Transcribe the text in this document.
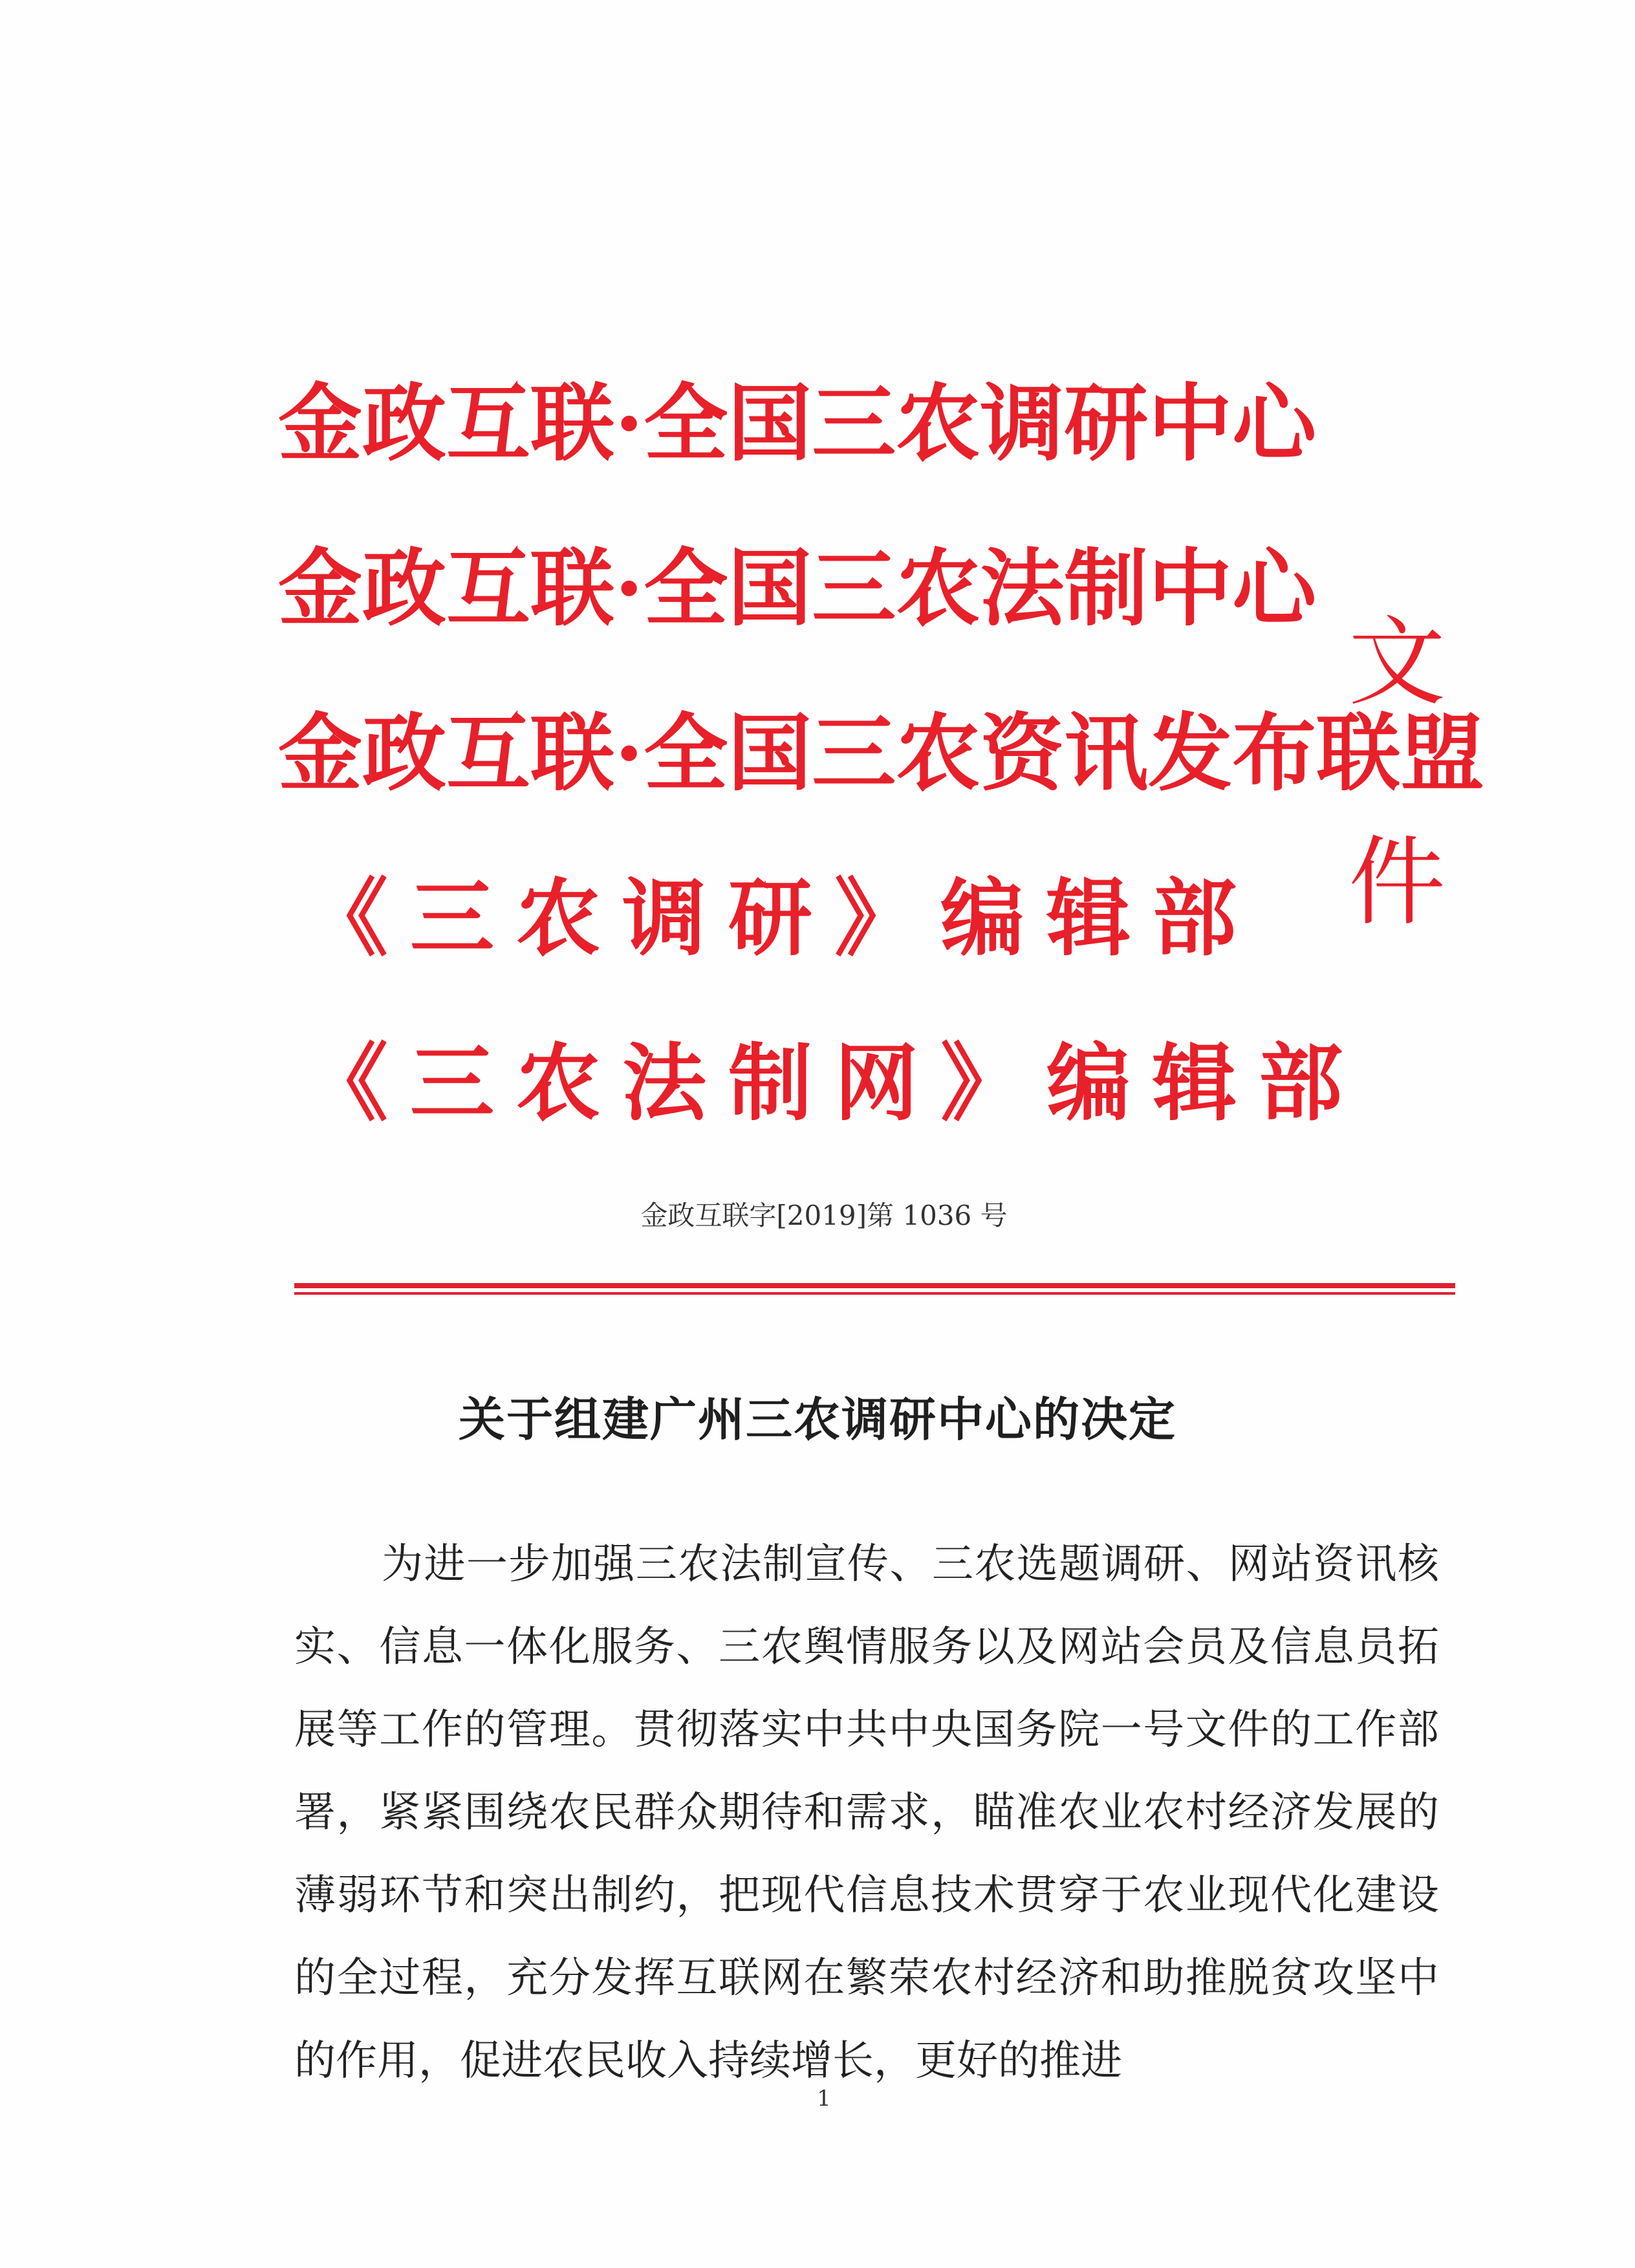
金政互联·全国三农调研中心
金政互联·全国三农法制中心
金政互联·全国三农资讯发布联盟
《三农调研》编辑部
《三农法制网》编辑部
文
件
金政互联字[2019]第 1036 号
关于组建广州三农调研中心的决定

为进一步加强三农法制宣传、三农选题调研、网站资讯核实、信息一体化服务、三农舆情服务以及网站会员及信息员拓展等工作的管理。贯彻落实中共中央国务院一号文件的工作部署，紧紧围绕农民群众期待和需求，瞄准农业农村经济发展的薄弱环节和突出制约，把现代信息技术贯穿于农业现代化建设的全过程，充分发挥互联网在繁荣农村经济和助推脱贫攻坚中的作用，促进农民收入持续增长，更好的推进

1
